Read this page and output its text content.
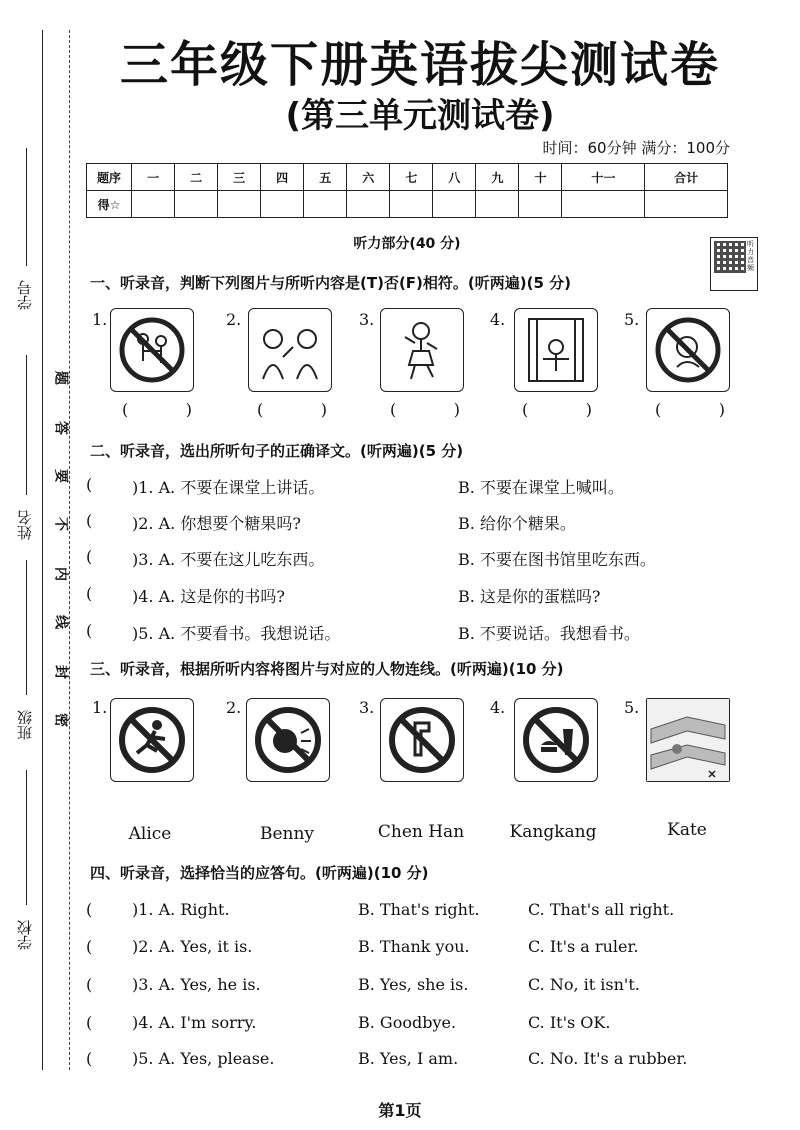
学号
姓名
班级
学校
题
答
要
不
内
线
封
密
三年级下册英语拔尖测试卷
(第三单元测试卷)
时间：60分钟 满分：100分
题序	一	二	三	四	五	六	七	八	九	十	十一	合计
得☆												
听力部分(40 分)	听力音频
一、听录音，判断下列图片与所听内容是(T)否(F)相符。(听两遍)(5 分)
1.	2.	3.	4.	5.
(	)	(	)	(	)	(	)	(	)
二、听录音，选出所听句子的正确译文。(听两遍)(5 分)
( )1. A. 不要在课堂上讲话。	B. 不要在课堂上喊叫。
( )2. A. 你想要个糖果吗?	B. 给你个糖果。
( )3. A. 不要在这儿吃东西。	B. 不要在图书馆里吃东西。
( )4. A. 这是你的书吗?	B. 这是你的蛋糕吗?
( )5. A. 不要看书。我想说话。	B. 不要说话。我想看书。
三、听录音，根据所听内容将图片与对应的人物连线。(听两遍)(10 分)
1.	2.	3.	4.	5.
Alice	Benny	Chen Han	Kangkang	Kate
四、听录音，选择恰当的应答句。(听两遍)(10 分)
( )1. A. Right.	B. That's right.	C. That's all right.
( )2. A. Yes, it is.	B. Thank you.	C. It's a ruler.
( )3. A. Yes, he is.	B. Yes, she is.	C. No, it isn't.
( )4. A. I'm sorry.	B. Goodbye.	C. It's OK.
( )5. A. Yes, please.	B. Yes, I am.	C. No. It's a rubber.
第1页
